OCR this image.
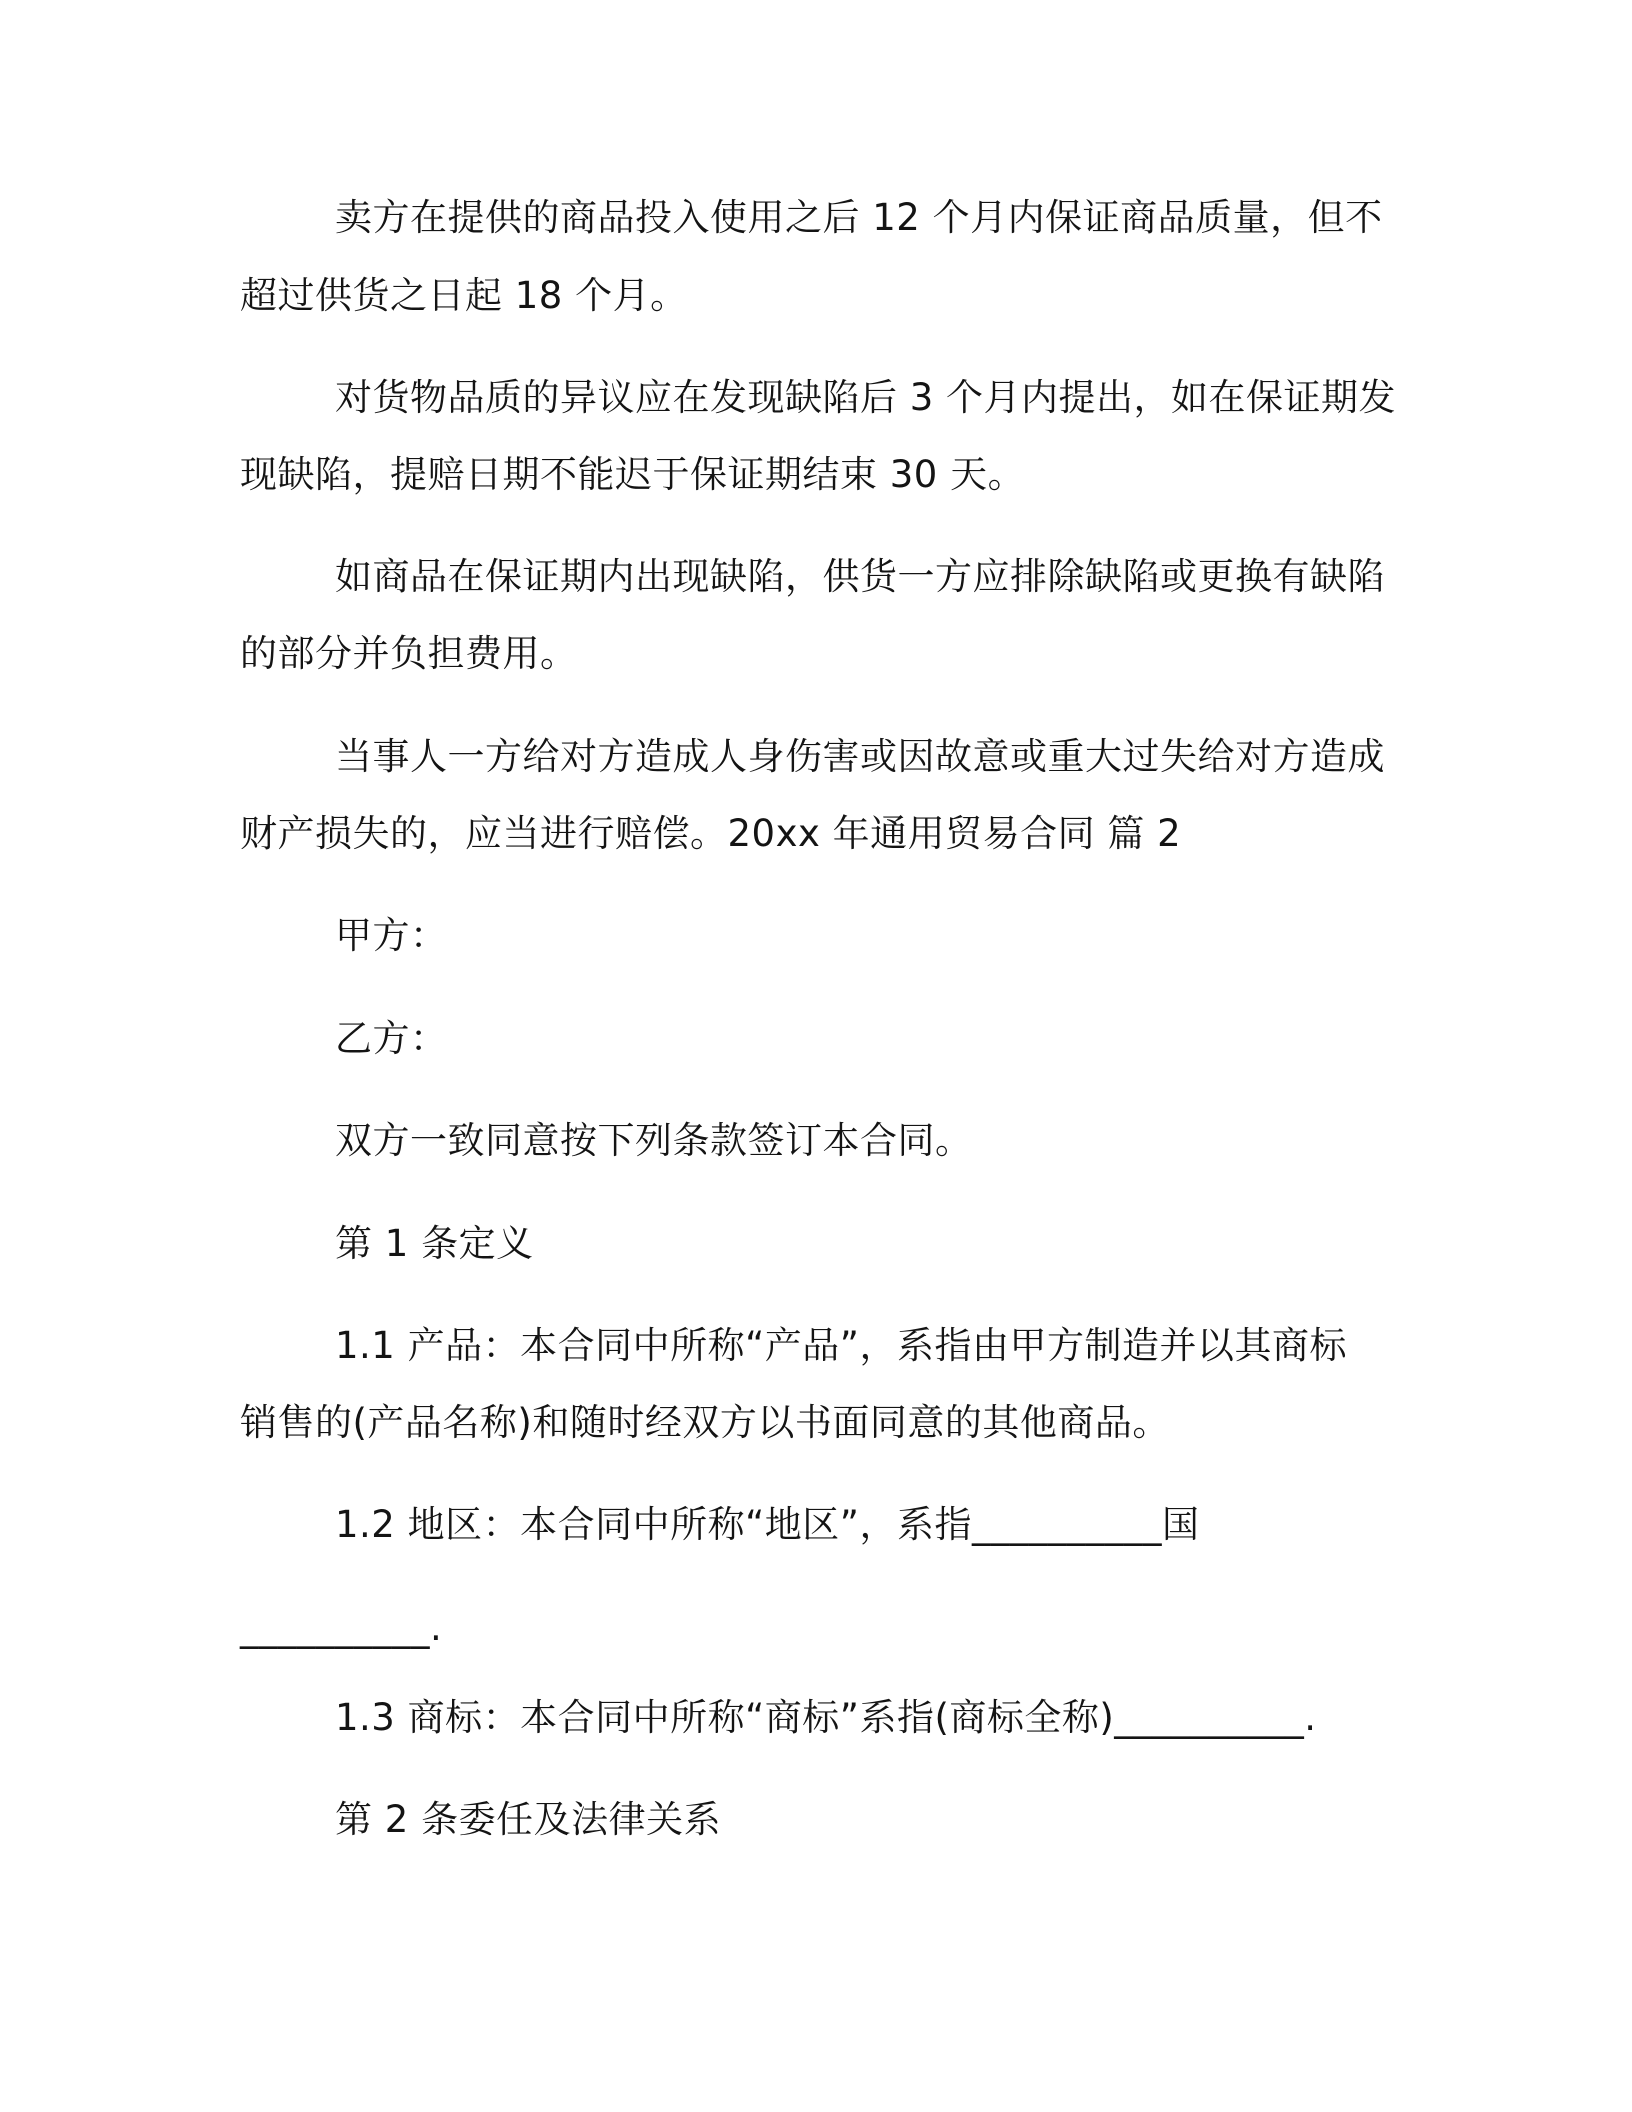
卖方在提供的商品投入使用之后 12 个月内保证商品质量，但不
超过供货之日起 18 个月。
对货物品质的异议应在发现缺陷后 3 个月内提出，如在保证期发
现缺陷，提赔日期不能迟于保证期结束 30 天。
如商品在保证期内出现缺陷，供货一方应排除缺陷或更换有缺陷
的部分并负担费用。
当事人一方给对方造成人身伤害或因故意或重大过失给对方造成
财产损失的，应当进行赔偿。20xx 年通用贸易合同 篇 2
甲方：
乙方：
双方一致同意按下列条款签订本合同。
第 1 条定义
1.1 产品：本合同中所称“产品”，系指由甲方制造并以其商标
销售的(产品名称)和随时经双方以书面同意的其他商品。
1.2 地区：本合同中所称“地区”，系指__________国
__________.
1.3 商标：本合同中所称“商标”系指(商标全称)__________.
第 2 条委任及法律关系
